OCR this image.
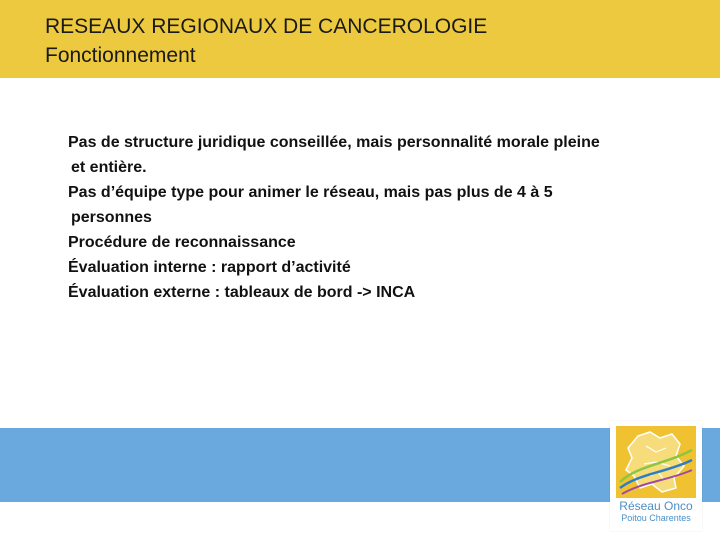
RESEAUX REGIONAUX DE CANCEROLOGIE
Fonctionnement
Pas de structure juridique conseillée, mais personnalité morale pleine
et entière.
Pas d’équipe type pour animer le réseau, mais pas plus de 4 à 5
personnes
Procédure de reconnaissance
Évaluation interne : rapport d’activité
Évaluation externe : tableaux de bord -> INCA
Réseau Onco
Poitou Charentes
